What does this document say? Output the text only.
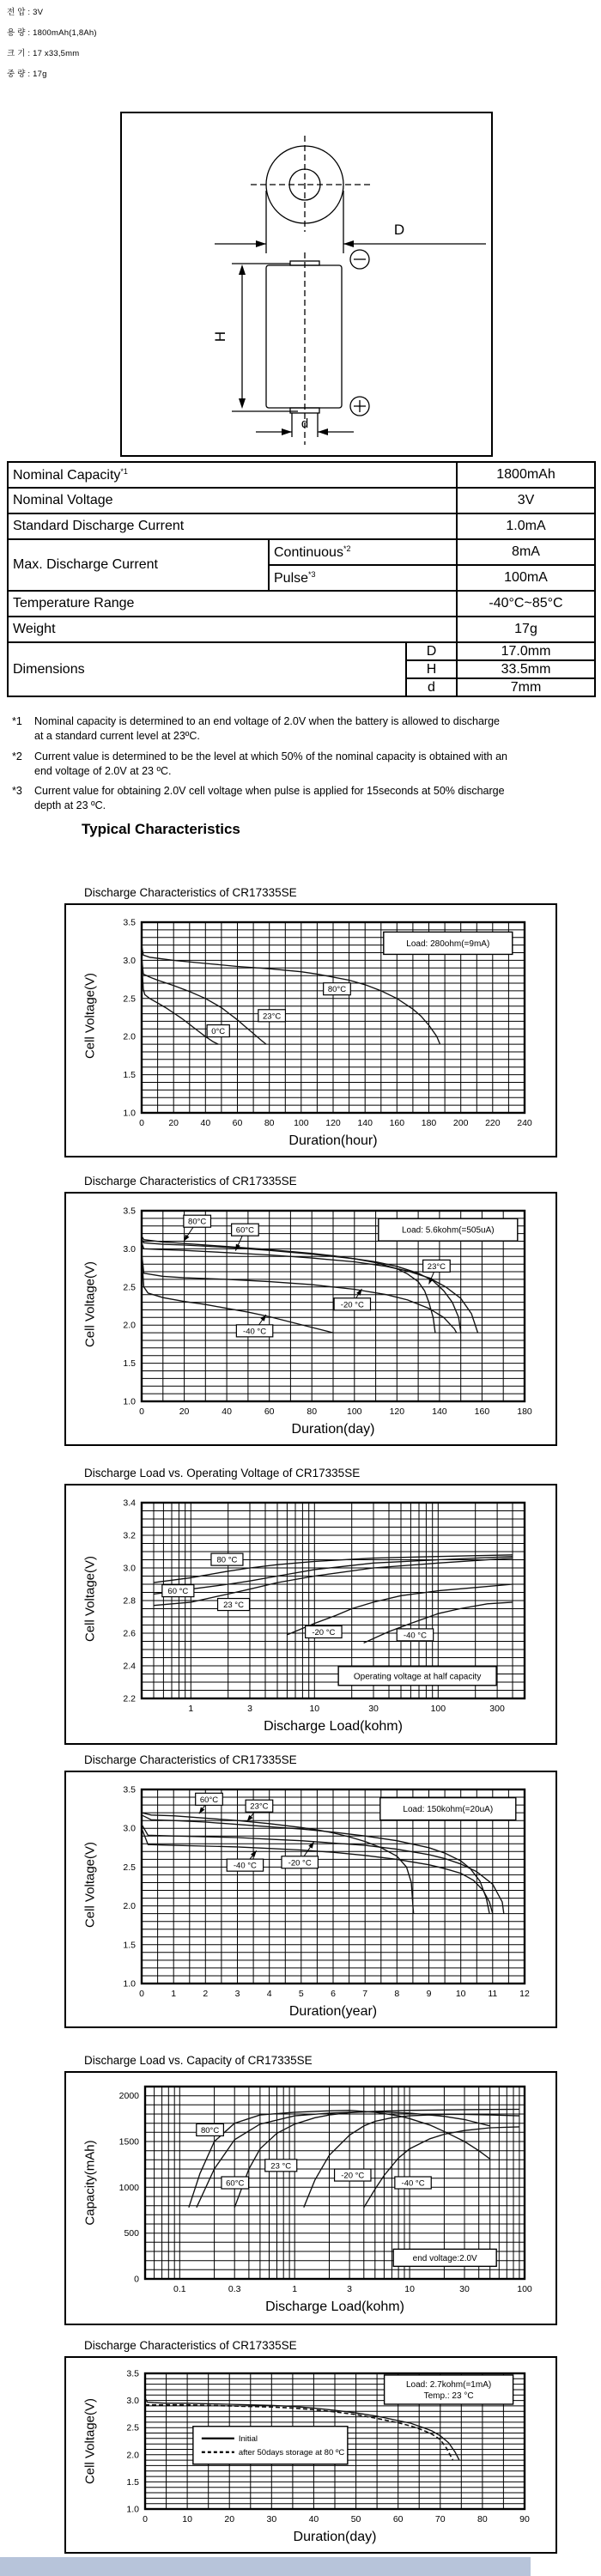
전 압 : 3V
용 량 : 1800mAh(1,8Ah)
크 기 : 17 x33,5mm
중 량 : 17g
D
H
d
Nominal Capacity$^{*1}$			1800mAh
Nominal Voltage			3V
Standard Discharge Current			1.0mA
Max. Discharge Current	Continuous$^{*2}$		8mA
	Pulse$^{*3}$		100mA
Temperature Range			-40°C~85°C
Weight			17g
Dimensions		D	17.0mm
		H	33.5mm
		d	7mm
*1 Nominal capacity is determined to an end voltage of 2.0V when the battery is allowed to discharge at a standard current level at 23ºC.
*2 Current value is determined to be the level at which 50% of the nominal capacity is obtained with an end voltage of 2.0V at 23 ºC.
*3 Current value for obtaining 2.0V cell voltage when pulse is applied for 15seconds at 50% discharge depth at 23 ºC.
Typical Characteristics
Discharge Characteristics of CR17335SE
Cell Voltage(V)
0	20 40 60 80 100 120 140 160 180 200 220 240
1.0
1.5
2.0
2.5
3.0
3.5
Duration(hour)
0°C
23°C
80°C
Load: 280ohm(=9mA)
Discharge Characteristics of CR17335SE
Cell Voltage(V)
0	20	40	60	80	100	120	140	160	180
1.0
1.5
2.0
2.5
3.0
3.5
Duration(day)
80°C
60°C
23°C
-20 °C
-40 °C
Load: 5.6kohm(=505uA)
Discharge Load vs. Operating Voltage of CR17335SE
Cell Voltage(V)
1	3	10	30	100	300
2.2
2.4
2.6
2.8
3.0
3.2
3.4
Discharge Load(kohm)
80 °C
60 °C
23 °C
-20 °C	-40 °C
Operating voltage at half capacity
Discharge Characteristics of CR17335SE
Cell Voltage(V)
0	1	2	3	4	5	6	7	8	9	10 11 12
1.0
1.5
2.0
2.5
3.0
3.5
Duration(year)
60°C
23°C
-40 °C	-20 °C
Load: 150kohm(=20uA)
Discharge Load vs. Capacity of CR17335SE
Capacity(mAh)
0.1	0.3	1	3	10	30	100
0
500
1000
1500
2000
Discharge Load(kohm)
80°C
60°C
23 °C
-20 °C
-40 °C
end voltage:2.0V
Discharge Characteristics of CR17335SE
Cell Voltage(V)
0	10	20	30	40	50	60	70	80	90
1.0
1.5
2.0
2.5
3.0
3.5
Duration(day)
Load: 2.7kohm(=1mA)
Temp.: 23 °C
Initial
after 50days storage at 80 ºC
